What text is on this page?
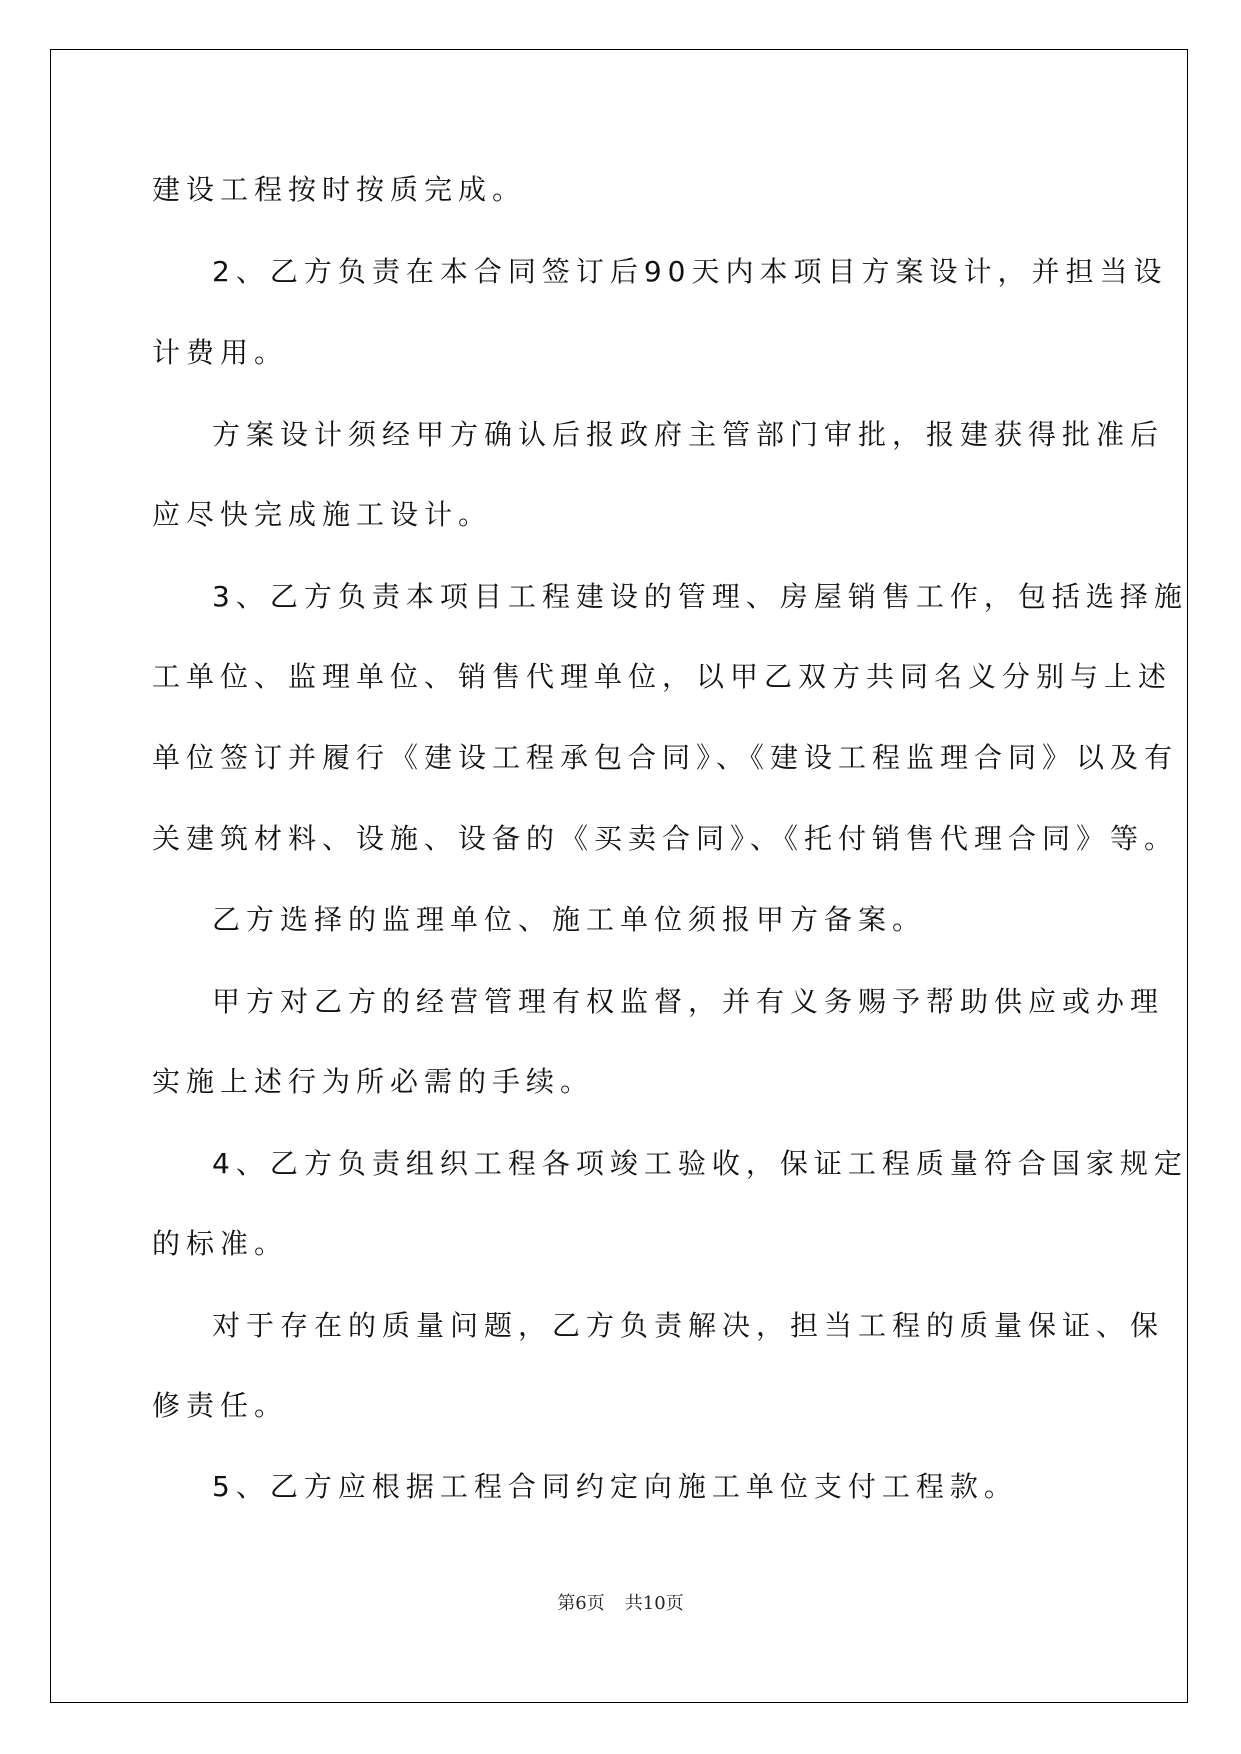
建设工程按时按质完成。
2、乙方负责在本合同签订后90天内本项目方案设计，并担当设
计费用。
方案设计须经甲方确认后报政府主管部门审批，报建获得批准后
应尽快完成施工设计。
3、乙方负责本项目工程建设的管理、房屋销售工作，包括选择施
工单位、监理单位、销售代理单位，以甲乙双方共同名义分别与上述
单位签订并履行《建设工程承包合同》、《建设工程监理合同》以及有
关建筑材料、设施、设备的《买卖合同》、《托付销售代理合同》等。
乙方选择的监理单位、施工单位须报甲方备案。
甲方对乙方的经营管理有权监督，并有义务赐予帮助供应或办理
实施上述行为所必需的手续。
4、乙方负责组织工程各项竣工验收，保证工程质量符合国家规定
的标准。
对于存在的质量问题，乙方负责解决，担当工程的质量保证、保
修责任。
5、乙方应根据工程合同约定向施工单位支付工程款。
第6页 共10页
